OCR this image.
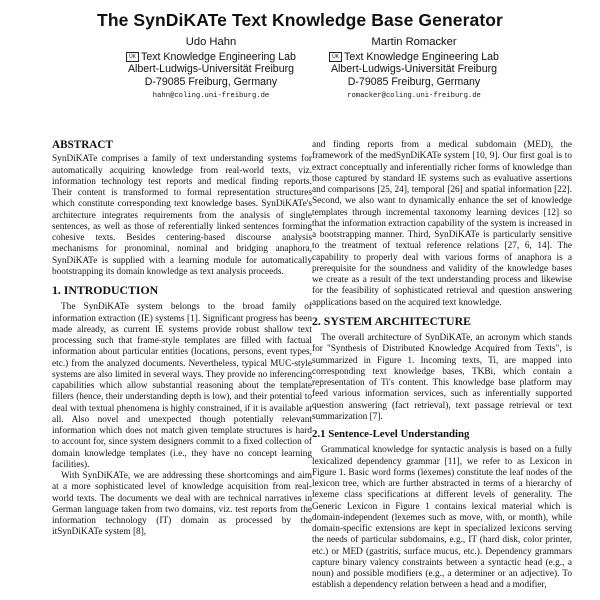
The SynDiKATe Text Knowledge Base Generator
Udo Hahn
ÜK Text Knowledge Engineering Lab
Albert-Ludwigs-Universität Freiburg
D-79085 Freiburg, Germany
hahn@coling.uni-freiburg.de
Martin Romacker
ÜK Text Knowledge Engineering Lab
Albert-Ludwigs-Universität Freiburg
D-79085 Freiburg, Germany
romacker@coling.uni-freiburg.de
ABSTRACT

SynDiKATe comprises a family of text understanding systems for automatically acquiring knowledge from real-world texts, viz. information technology test reports and medical finding reports. Their content is transformed to formal representation structures which constitute corresponding text knowledge bases. SynDiKATe's architecture integrates requirements from the analysis of single sentences, as well as those of referentially linked sentences forming cohesive texts. Besides centering-based discourse analysis mechanisms for pronominal, nominal and bridging anaphora, SynDiKATe is supplied with a learning module for automatically bootstrapping its domain knowledge as text analysis proceeds.

1. INTRODUCTION

The SynDiKATe system belongs to the broad family of information extraction (IE) systems [1]. Significant progress has been made already, as current IE systems provide robust shallow text processing such that frame-style templates are filled with factual information about particular entities (locations, persons, event types, etc.) from the analyzed documents. Nevertheless, typical MUC-style systems are also limited in several ways. They provide no inferencing capabilities which allow substantial reasoning about the template fillers (hence, their understanding depth is low), and their potential to deal with textual phenomena is highly constrained, if it is available at all. Also novel and unexpected though potentially relevant information which does not match given template structures is hard to account for, since system designers commit to a fixed collection of domain knowledge templates (i.e., they have no concept learning facilities).

With SynDiKATe, we are addressing these shortcomings and aim at a more sophisticated level of knowledge acquisition from real-world texts. The documents we deal with are technical narratives in German language taken from two domains, viz. test reports from the information technology (IT) domain as processed by the itSynDiKATe system [8],

and finding reports from a medical subdomain (MED), the framework of the medSynDiKATe system [10, 9]. Our first goal is to extract conceptually and inferentially richer forms of knowledge than those captured by standard IE systems such as evaluative assertions and comparisons [25, 24], temporal [26] and spatial information [22]. Second, we also want to dynamically enhance the set of knowledge templates through incremental taxonomy learning devices [12] so that the information extraction capability of the system is increased in a bootstrapping manner. Third, SynDiKATe is particularly sensitive to the treatment of textual reference relations [27, 6, 14]. The capability to properly deal with various forms of anaphora is a prerequisite for the soundness and validity of the knowledge bases we create as a result of the text understanding process and likewise for the feasibility of sophisticated retrieval and question answering applications based on the acquired text knowledge.

2. SYSTEM ARCHITECTURE

The overall architecture of SynDiKATe, an acronym which stands for "Synthesis of Distributed Knowledge Acquired from Texts", is summarized in Figure 1. Incoming texts, Ti, are mapped into corresponding text knowledge bases, TKBi, which contain a representation of Ti's content. This knowledge base platform may feed various information services, such as inferentially supported question answering (fact retrieval), text passage retrieval or text summarization [7].

2.1 Sentence-Level Understanding

Grammatical knowledge for syntactic analysis is based on a fully lexicalized dependency grammar [11], we refer to as Lexicon in Figure 1. Basic word forms (lexemes) constitute the leaf nodes of the lexicon tree, which are further abstracted in terms of a hierarchy of lexeme class specifications at different levels of generality. The Generic Lexicon in Figure 1 contains lexical material which is domain-independent (lexemes such as move, with, or month), while domain-specific extensions are kept in specialized lexicons serving the needs of particular subdomains, e.g., IT (hard disk, color printer, etc.) or MED (gastritis, surface mucus, etc.). Dependency grammars capture binary valency constraints between a syntactic head (e.g., a noun) and possible modifiers (e.g., a determiner or an adjective). To establish a dependency relation between a head and a modifier,
